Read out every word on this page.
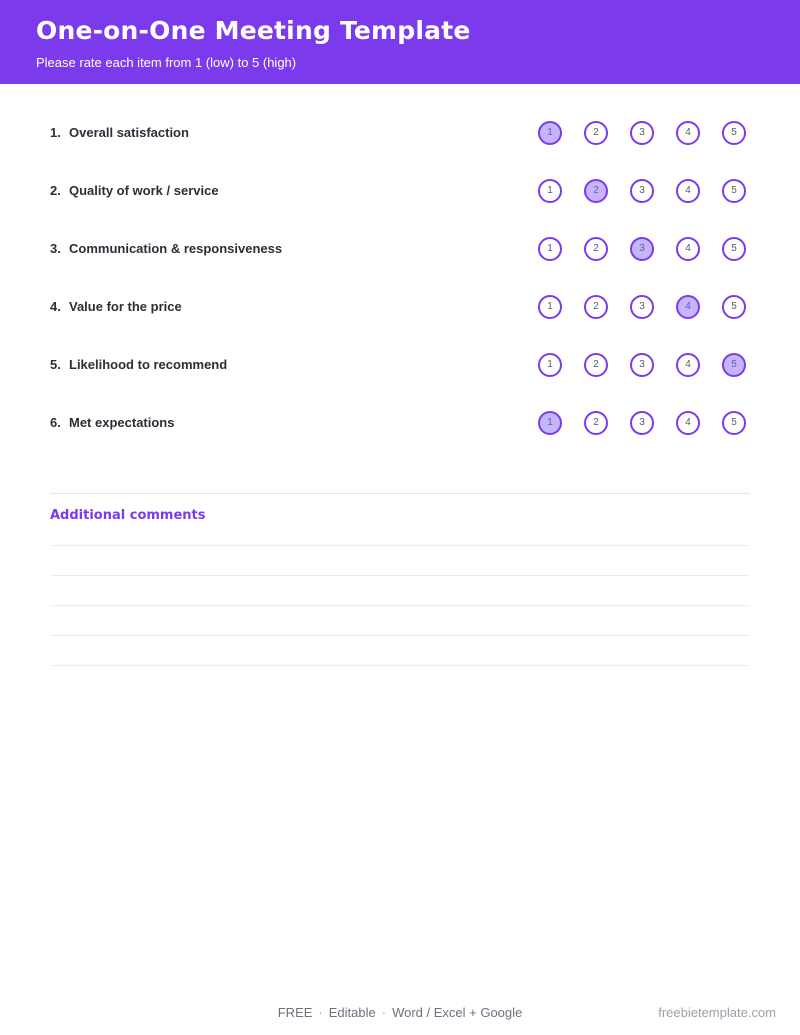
One-on-One Meeting Template
Please rate each item from 1 (low) to 5 (high)
1. Overall satisfaction	1	2	3	4	5
2. Quality of work / service	1	2	3	4	5
3. Communication & responsiveness	1	2	3	4	5
4. Value for the price	1	2	3	4	5
5. Likelihood to recommend	1	2	3	4	5
6. Met expectations	1	2	3	4	5
Additional comments
FREE · Editable · Word / Excel + Google	freebietemplate.com
